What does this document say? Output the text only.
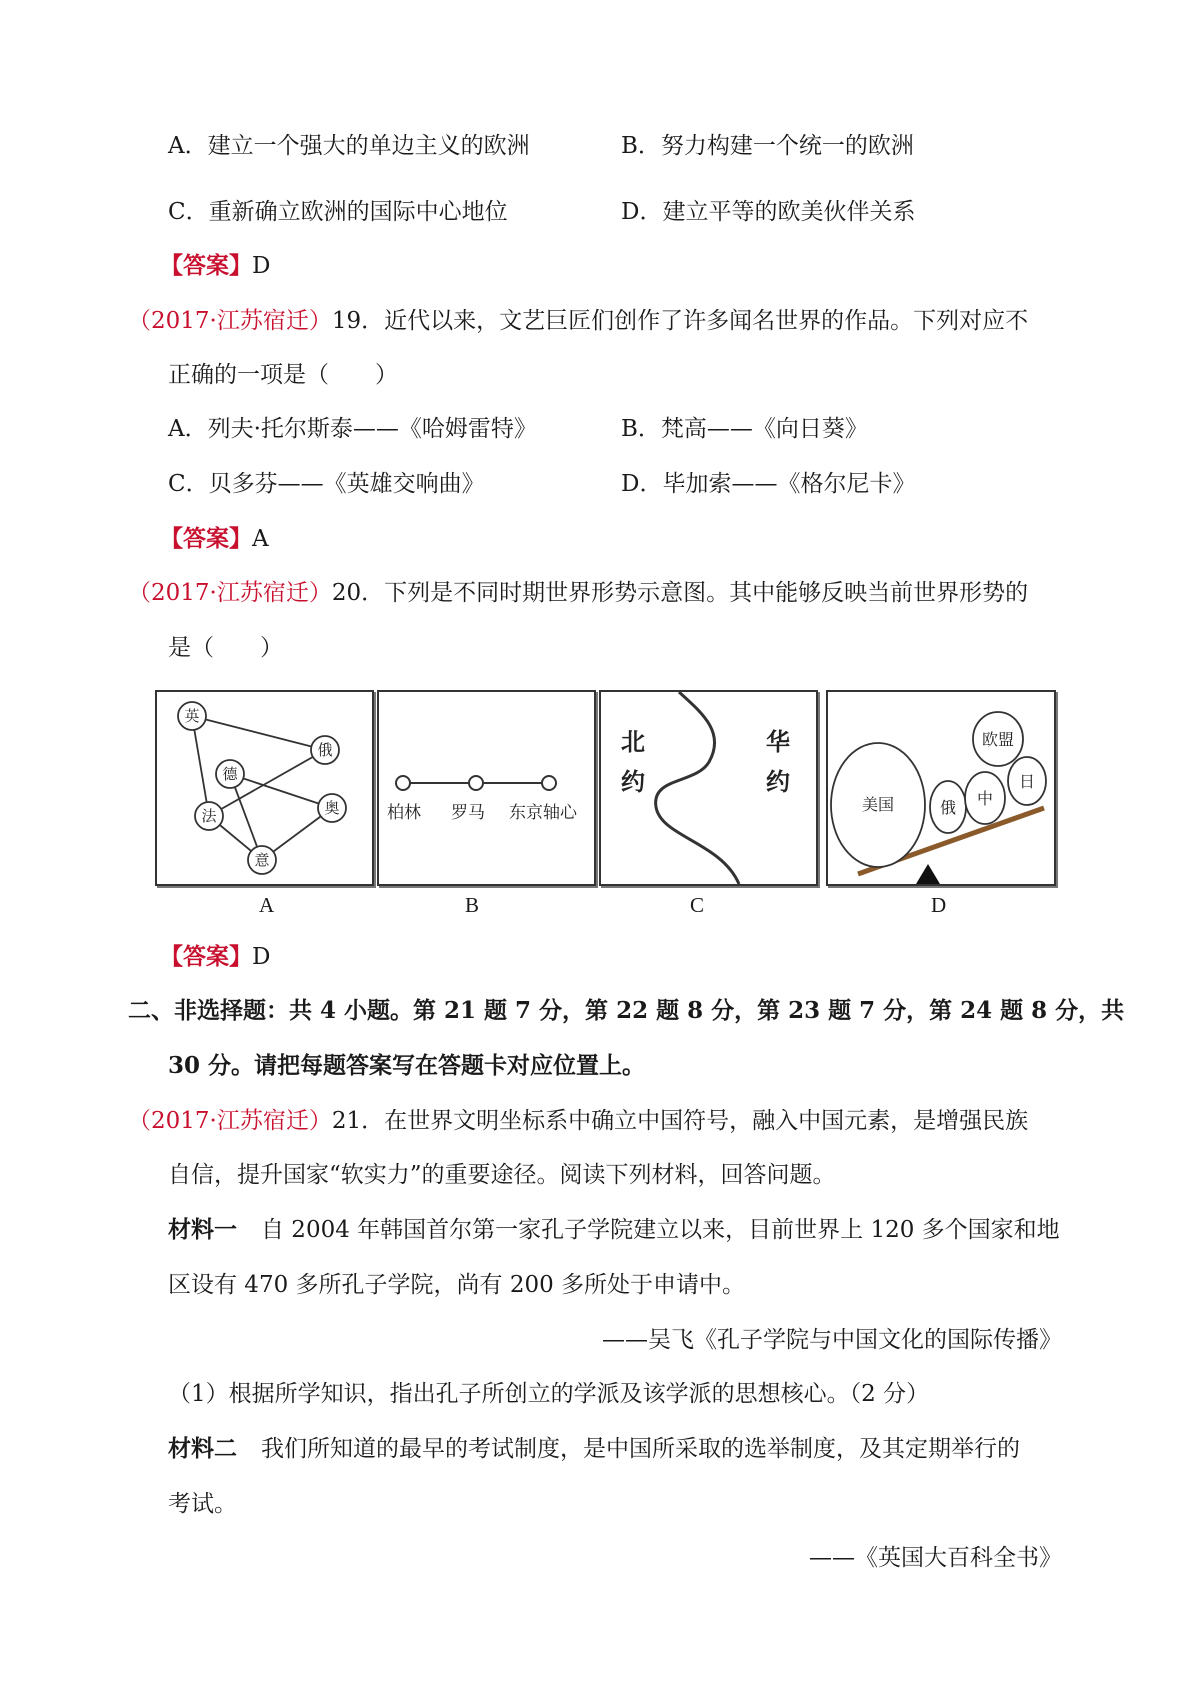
A．建立一个强大的单边主义的欧洲	B．努力构建一个统一的欧洲
C．重新确立欧洲的国际中心地位	D．建立平等的欧美伙伴关系
【答案】D
（2017·江苏宿迁）19．近代以来，文艺巨匠们创作了许多闻名世界的作品。下列对应不
正确的一项是（　　）
A．列夫·托尔斯泰——《哈姆雷特》	B．梵高——《向日葵》
C．贝多芬——《英雄交响曲》	D．毕加索——《格尔尼卡》
【答案】A
（2017·江苏宿迁）20．下列是不同时期世界形势示意图。其中能够反映当前世界形势的
是（　　）
英
俄
德
法	奥
意
柏林 罗马 东京轴心
北
约
华
约
美国	俄 中
欧盟
日
A	B	C	D
【答案】D
二、非选择题：共 4 小题。第 21 题 7 分，第 22 题 8 分，第 23 题 7 分，第 24 题 8 分，共
30 分。请把每题答案写在答题卡对应位置上。
（2017·江苏宿迁）21．在世界文明坐标系中确立中国符号，融入中国元素，是增强民族
自信，提升国家“软实力”的重要途径。阅读下列材料，回答问题。
材料一 自 2004 年韩国首尔第一家孔子学院建立以来，目前世界上 120 多个国家和地
区设有 470 多所孔子学院，尚有 200 多所处于申请中。
——吴飞《孔子学院与中国文化的国际传播》
（1）根据所学知识，指出孔子所创立的学派及该学派的思想核心。（2 分）
材料二 我们所知道的最早的考试制度，是中国所采取的选举制度，及其定期举行的
考试。
——《英国大百科全书》
